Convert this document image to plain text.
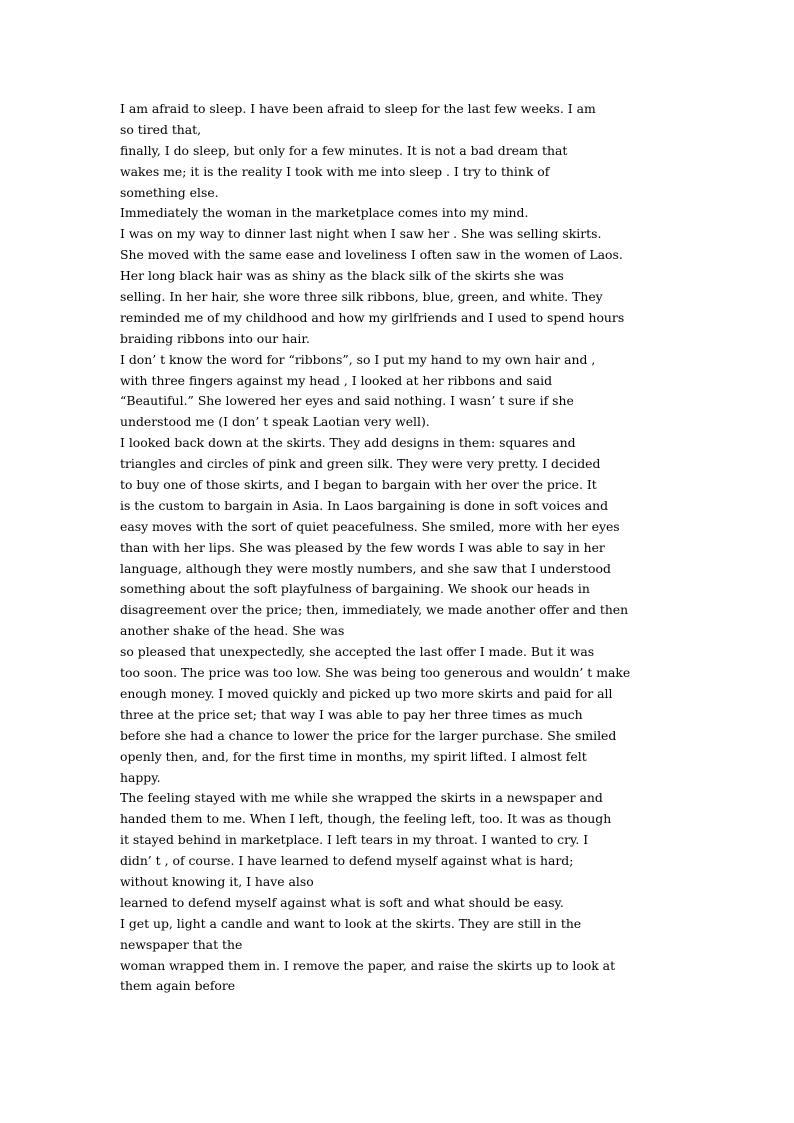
I am afraid to sleep. I have been afraid to sleep for the last few weeks. I am
so tired that,
finally, I do sleep, but only for a few minutes. It is not a bad dream that
wakes me; it is the reality I took with me into sleep . I try to think of
something else.
Immediately the woman in the marketplace comes into my mind.
I was on my way to dinner last night when I saw her . She was selling skirts.
She moved with the same ease and loveliness I often saw in the women of Laos.
Her long black hair was as shiny as the black silk of the skirts she was
selling. In her hair, she wore three silk ribbons, blue, green, and white. They
reminded me of my childhood and how my girlfriends and I used to spend hours
braiding ribbons into our hair.
I don’ t know the word for “ribbons”, so I put my hand to my own hair and ,
with three fingers against my head , I looked at her ribbons and said
“Beautiful.” She lowered her eyes and said nothing. I wasn’ t sure if she
understood me (I don’ t speak Laotian very well).
I looked back down at the skirts. They add designs in them: squares and
triangles and circles of pink and green silk. They were very pretty. I decided
to buy one of those skirts, and I began to bargain with her over the price. It
is the custom to bargain in Asia. In Laos bargaining is done in soft voices and
easy moves with the sort of quiet peacefulness. She smiled, more with her eyes
than with her lips. She was pleased by the few words I was able to say in her
language, although they were mostly numbers, and she saw that I understood
something about the soft playfulness of bargaining. We shook our heads in
disagreement over the price; then, immediately, we made another offer and then
another shake of the head. She was
so pleased that unexpectedly, she accepted the last offer I made. But it was
too soon. The price was too low. She was being too generous and wouldn’ t make
enough money. I moved quickly and picked up two more skirts and paid for all
three at the price set; that way I was able to pay her three times as much
before she had a chance to lower the price for the larger purchase. She smiled
openly then, and, for the first time in months, my spirit lifted. I almost felt
happy.
The feeling stayed with me while she wrapped the skirts in a newspaper and
handed them to me. When I left, though, the feeling left, too. It was as though
it stayed behind in marketplace. I left tears in my throat. I wanted to cry. I
didn’ t , of course. I have learned to defend myself against what is hard;
without knowing it, I have also
learned to defend myself against what is soft and what should be easy.
I get up, light a candle and want to look at the skirts. They are still in the
newspaper that the
woman wrapped them in. I remove the paper, and raise the skirts up to look at
them again before
